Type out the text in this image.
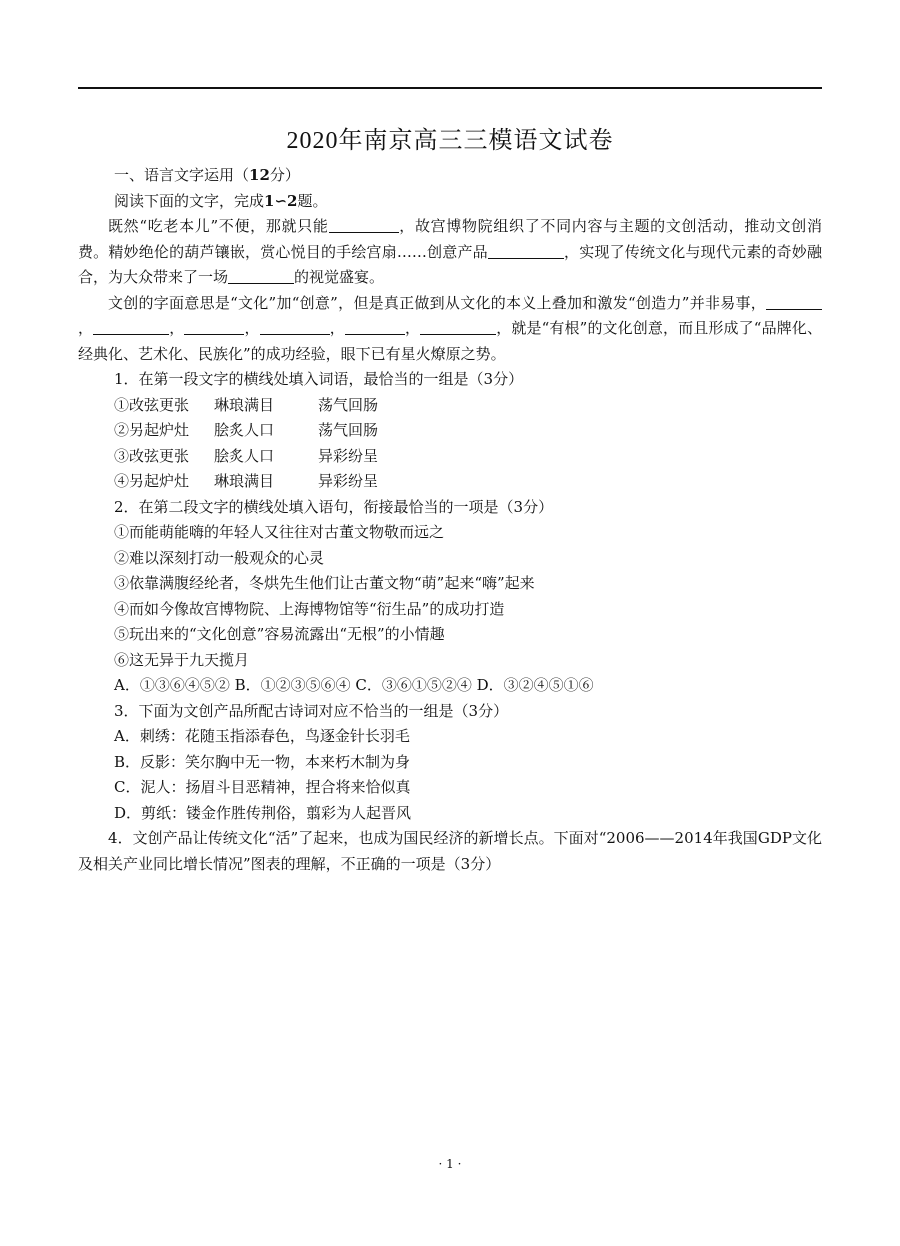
2020年南京高三三模语文试卷
一、语言文字运用（12分）
阅读下面的文字，完成1∽2题。

既然“吃老本儿”不便，那就只能	，故宫博物院组织了不同内容与主题的文创活动，推动文创消费。精妙绝伦的葫芦镶嵌，赏心悦目的手绘宫扇……创意产品	，实现了传统文化与现代元素的奇妙融合，为大众带来了一场	的视觉盛宴。

文创的字面意思是“文化”加“创意”，但是真正做到从文化的本义上叠加和激发“创造力”并非易事，，	，	，	，	，	，就是“有根”的文化创意，而且形成了“品牌化、经典化、艺术化、民族化”的成功经验，眼下已有星火燎原之势。

1．在第一段文字的横线处填入词语，最恰当的一组是（3分）
①改弦更张 琳琅满目	荡气回肠
②另起炉灶 脍炙人口	荡气回肠
③改弦更张 脍炙人口	异彩纷呈
④另起炉灶 琳琅满目	异彩纷呈
2．在第二段文字的横线处填入语句，衔接最恰当的一项是（3分）
①而能萌能嗨的年轻人又往往对古董文物敬而远之
②难以深刻打动一般观众的心灵
③依靠满腹经纶者，冬烘先生他们让古董文物“萌”起来“嗨”起来
④而如今像故宫博物院、上海博物馆等“衍生品”的成功打造
⑤玩出来的“文化创意”容易流露出“无根”的小情趣
⑥这无异于九天揽月
A．①③⑥④⑤② B．①②③⑤⑥④ C．③⑥①⑤②④ D．③②④⑤①⑥
3．下面为文创产品所配古诗词对应不恰当的一组是（3分）
A．刺绣：花随玉指添春色，鸟逐金针长羽毛
B．反影：笑尔胸中无一物，本来朽木制为身
C．泥人：扬眉斗目恶精神，捏合将来恰似真
D．剪纸：镂金作胜传荆俗，翦彩为人起晋风

4．文创产品让传统文化“活”了起来，也成为国民经济的新增长点。下面对“2006——2014年我国GDP文化及相关产业同比增长情况”图表的理解，不正确的一项是（3分）

· 1 ·
